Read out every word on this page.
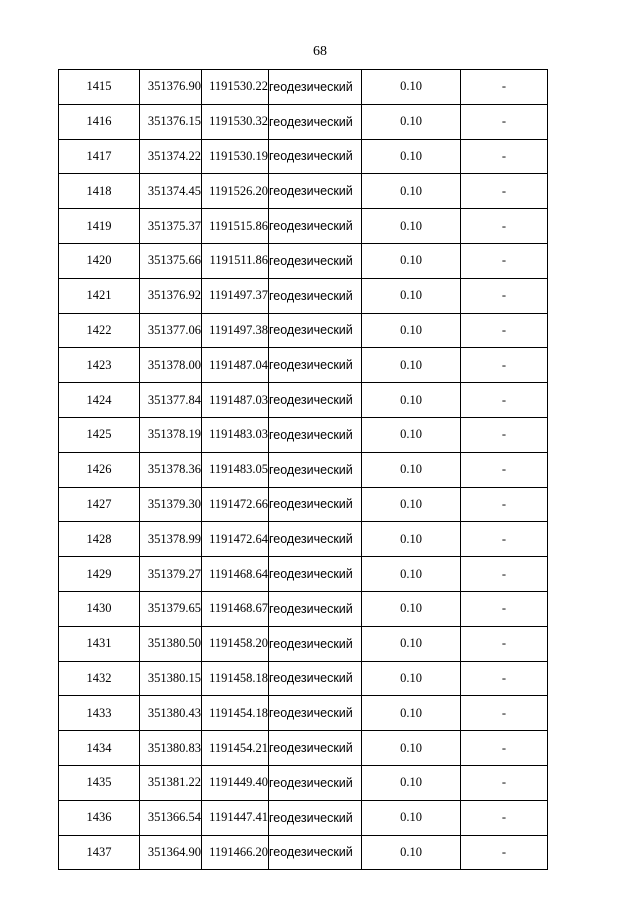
68
1415	351376.90	1191530.22	геодезический	0.10	-
1416	351376.15	1191530.32	геодезический	0.10	-
1417	351374.22	1191530.19	геодезический	0.10	-
1418	351374.45	1191526.20	геодезический	0.10	-
1419	351375.37	1191515.86	геодезический	0.10	-
1420	351375.66	1191511.86	геодезический	0.10	-
1421	351376.92	1191497.37	геодезический	0.10	-
1422	351377.06	1191497.38	геодезический	0.10	-
1423	351378.00	1191487.04	геодезический	0.10	-
1424	351377.84	1191487.03	геодезический	0.10	-
1425	351378.19	1191483.03	геодезический	0.10	-
1426	351378.36	1191483.05	геодезический	0.10	-
1427	351379.30	1191472.66	геодезический	0.10	-
1428	351378.99	1191472.64	геодезический	0.10	-
1429	351379.27	1191468.64	геодезический	0.10	-
1430	351379.65	1191468.67	геодезический	0.10	-
1431	351380.50	1191458.20	геодезический	0.10	-
1432	351380.15	1191458.18	геодезический	0.10	-
1433	351380.43	1191454.18	геодезический	0.10	-
1434	351380.83	1191454.21	геодезический	0.10	-
1435	351381.22	1191449.40	геодезический	0.10	-
1436	351366.54	1191447.41	геодезический	0.10	-
1437	351364.90	1191466.20	геодезический	0.10	-
